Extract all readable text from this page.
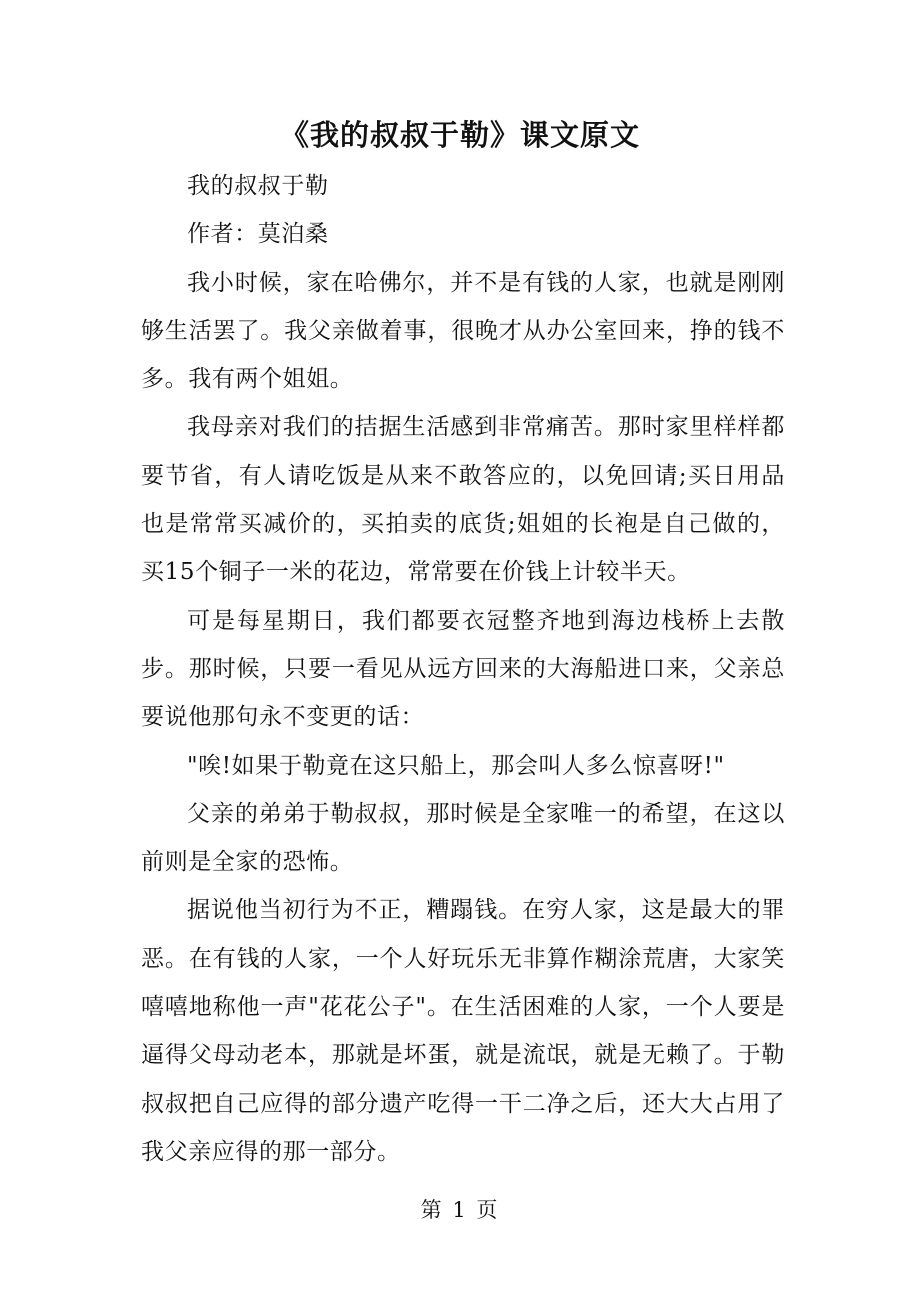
《我的叔叔于勒》课文原文

我的叔叔于勒

作者：莫泊桑

我小时候，家在哈佛尔，并不是有钱的人家，也就是刚刚够生活罢了。我父亲做着事，很晚才从办公室回来，挣的钱不多。我有两个姐姐。

我母亲对我们的拮据生活感到非常痛苦。那时家里样样都要节省，有人请吃饭是从来不敢答应的，以免回请;买日用品也是常常买减价的，买拍卖的底货;姐姐的长袍是自己做的，买15个铜子一米的花边，常常要在价钱上计较半天。

可是每星期日，我们都要衣冠整齐地到海边栈桥上去散步。那时候，只要一看见从远方回来的大海船进口来，父亲总要说他那句永不变更的话：

"唉!如果于勒竟在这只船上，那会叫人多么惊喜呀!"

父亲的弟弟于勒叔叔，那时候是全家唯一的希望，在这以前则是全家的恐怖。

据说他当初行为不正，糟蹋钱。在穷人家，这是最大的罪恶。在有钱的人家，一个人好玩乐无非算作糊涂荒唐，大家笑嘻嘻地称他一声"花花公子"。在生活困难的人家，一个人要是逼得父母动老本，那就是坏蛋，就是流氓，就是无赖了。于勒叔叔把自己应得的部分遗产吃得一干二净之后，还大大占用了我父亲应得的那一部分。

第 1 页
